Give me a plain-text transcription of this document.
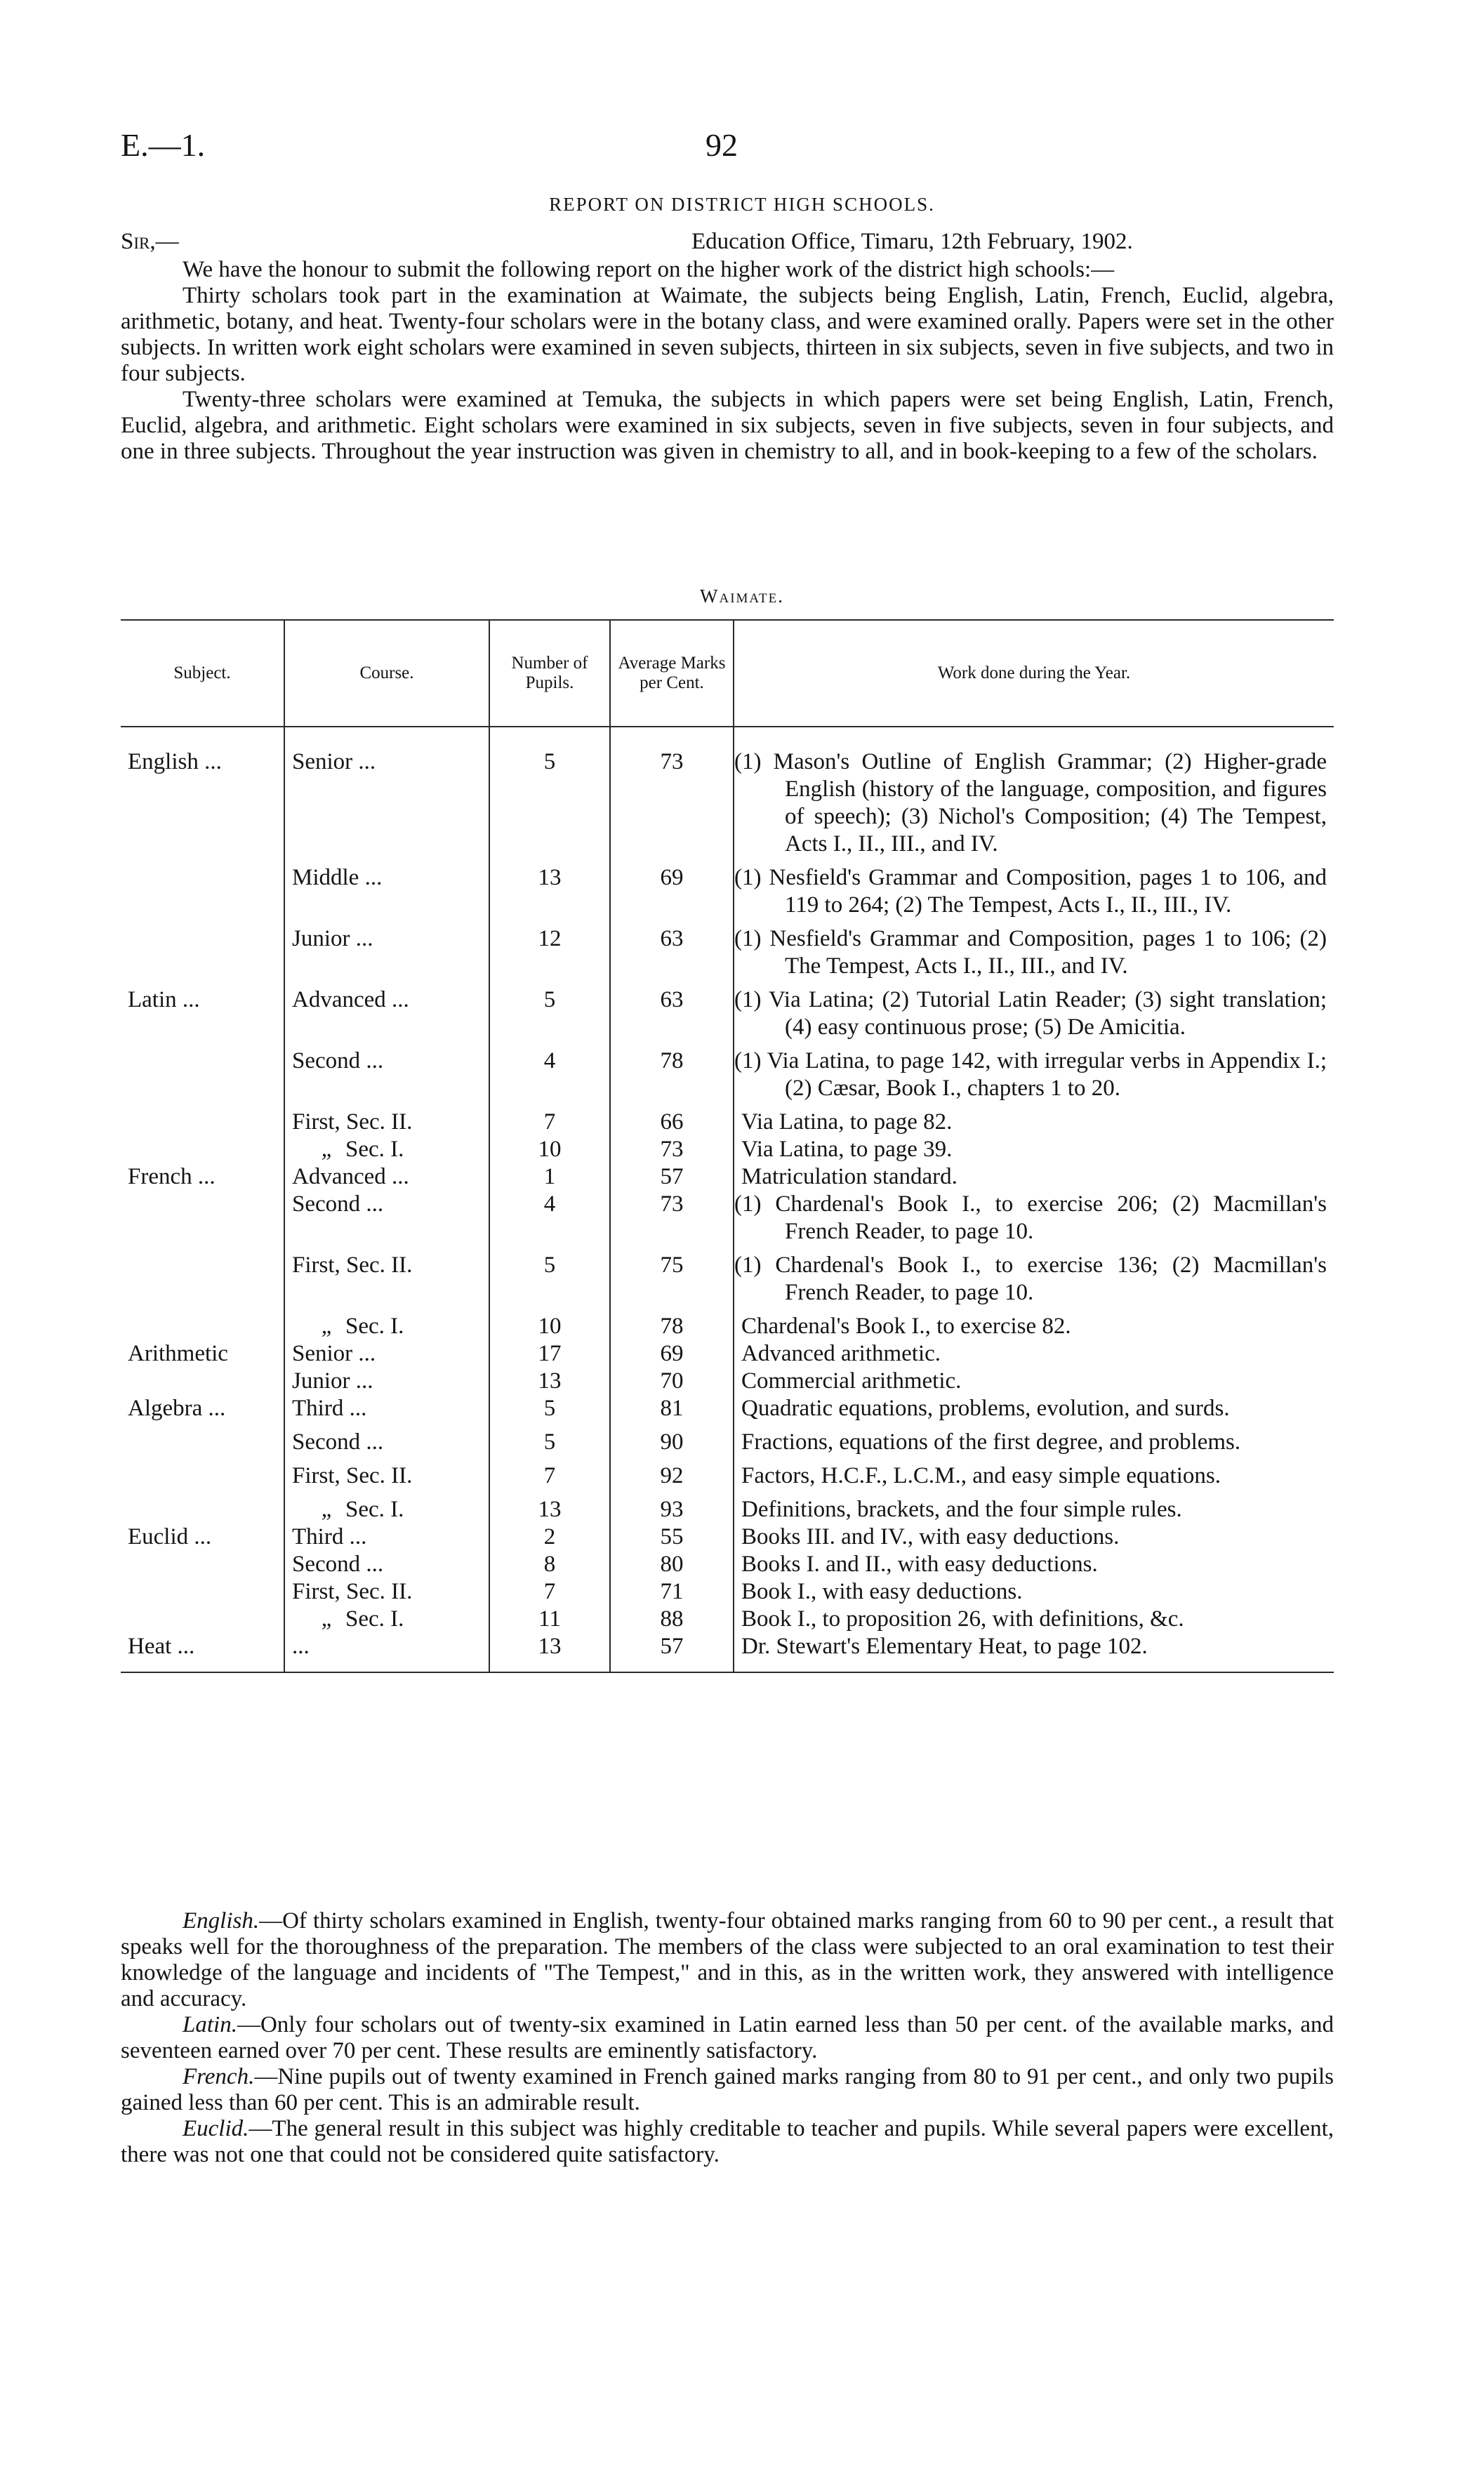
E.—1.	92
REPORT ON DISTRICT HIGH SCHOOLS.
Sir,—	Education Office, Timaru, 12th February, 1902.

We have the honour to submit the following report on the higher work of the district high schools:—

Thirty scholars took part in the examination at Waimate, the subjects being English, Latin, French, Euclid, algebra, arithmetic, botany, and heat. Twenty-four scholars were in the botany class, and were examined orally. Papers were set in the other subjects. In written work eight scholars were examined in seven subjects, thirteen in six subjects, seven in five subjects, and two in four subjects.

Twenty-three scholars were examined at Temuka, the subjects in which papers were set being English, Latin, French, Euclid, algebra, and arithmetic. Eight scholars were examined in six subjects, seven in five subjects, seven in four subjects, and one in three subjects. Throughout the year instruction was given in chemistry to all, and in book-keeping to a few of the scholars.

Waimate.
Subject.	Course.	Number of Pupils.	Average Marks per Cent.	Work done during the Year.
English ...	Senior ...	5	73	(1) Mason's Outline of English Grammar; (2) Higher-grade English (history of the language, composition, and figures of speech); (3) Nichol's Composition; (4) The Tempest, Acts I., II., III., and IV.
	Middle ...	13	69	(1) Nesfield's Grammar and Composition, pages 1 to 106, and 119 to 264; (2) The Tempest, Acts I., II., III., IV.
	Junior ...	12	63	(1) Nesfield's Grammar and Composition, pages 1 to 106; (2) The Tempest, Acts I., II., III., and IV.
Latin ...	Advanced ...	5	63	(1) Via Latina; (2) Tutorial Latin Reader; (3) sight translation; (4) easy continuous prose; (5) De Amicitia.
	Second ...	4	78	(1) Via Latina, to page 142, with irregular verbs in Appendix I.; (2) Cæsar, Book I., chapters 1 to 20.
	First, Sec. II.	7	66	Via Latina, to page 82.
	„ Sec. I.	10	73	Via Latina, to page 39.
French ...	Advanced ...	1	57	Matriculation standard.
	Second ...	4	73	(1) Chardenal's Book I., to exercise 206; (2) Macmillan's French Reader, to page 10.
	First, Sec. II.	5	75	(1) Chardenal's Book I., to exercise 136; (2) Macmillan's French Reader, to page 10.
	„ Sec. I.	10	78	Chardenal's Book I., to exercise 82.
Arithmetic	Senior ...	17	69	Advanced arithmetic.
	Junior ...	13	70	Commercial arithmetic.
Algebra ...	Third ...	5	81	Quadratic equations, problems, evolution, and surds.
	Second ...	5	90	Fractions, equations of the first degree, and problems.
	First, Sec. II.	7	92	Factors, H.C.F., L.C.M., and easy simple equations.
	„ Sec. I.	13	93	Definitions, brackets, and the four simple rules.
Euclid ...	Third ...	2	55	Books III. and IV., with easy deductions.
	Second ...	8	80	Books I. and II., with easy deductions.
	First, Sec. II.	7	71	Book I., with easy deductions.
	„ Sec. I.	11	88	Book I., to proposition 26, with definitions, &c.
Heat ...	...	13	57	Dr. Stewart's Elementary Heat, to page 102.

English.—Of thirty scholars examined in English, twenty-four obtained marks ranging from 60 to 90 per cent., a result that speaks well for the thoroughness of the preparation. The members of the class were subjected to an oral examination to test their knowledge of the language and incidents of "The Tempest," and in this, as in the written work, they answered with intelligence and accuracy.

Latin.—Only four scholars out of twenty-six examined in Latin earned less than 50 per cent. of the available marks, and seventeen earned over 70 per cent. These results are eminently satisfactory.

French.—Nine pupils out of twenty examined in French gained marks ranging from 80 to 91 per cent., and only two pupils gained less than 60 per cent. This is an admirable result.

Euclid.—The general result in this subject was highly creditable to teacher and pupils. While several papers were excellent, there was not one that could not be considered quite satisfactory.
